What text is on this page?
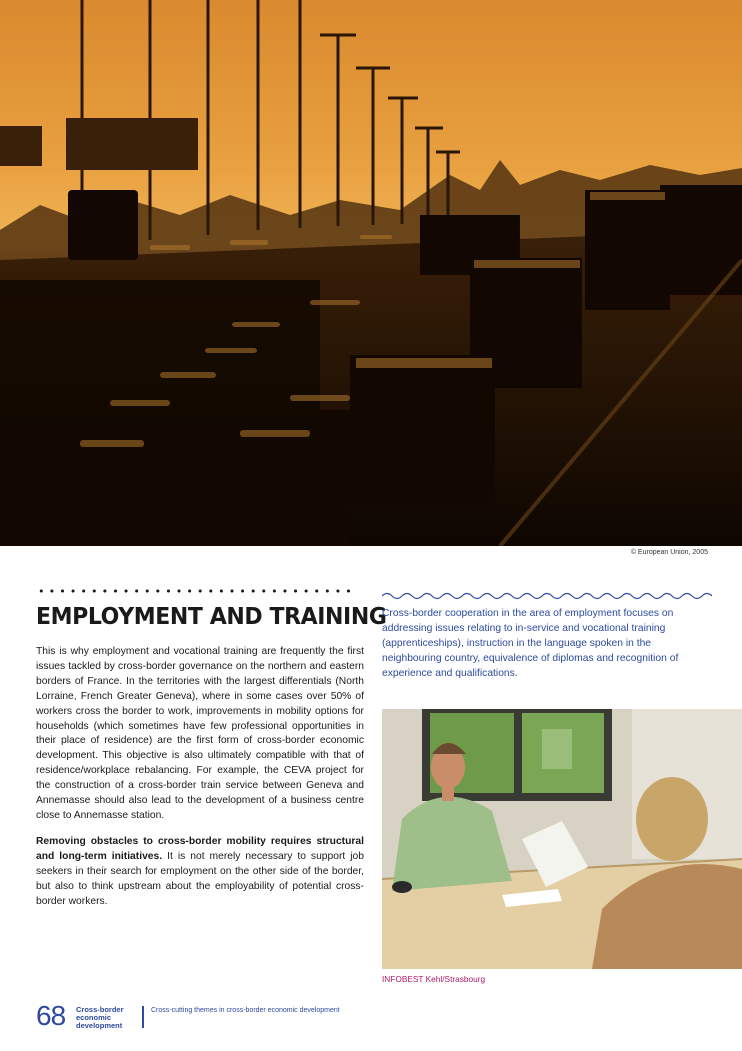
© European Union, 2005
EMPLOYMENT AND TRAINING

This is why employment and vocational training are frequently the first issues tackled by cross-border governance on the northern and eastern borders of France. In the territories with the largest differentials (North Lorraine, French Greater Geneva), where in some cases over 50% of workers cross the border to work, improvements in mobility options for households (which sometimes have few professional opportunities in their place of residence) are the first form of cross-border economic development. This objective is also ultimately compatible with that of residence/workplace rebalancing. For example, the CEVA project for the construction of a cross-border train service between Geneva and Annemasse should also lead to the development of a business centre close to Annemasse station.

Removing obstacles to cross-border mobility requires structural and long-term initiatives. It is not merely necessary to support job seekers in their search for employment on the other side of the border, but also to think upstream about the employability of potential cross-border workers.

Cross-border cooperation in the area of employment focuses on addressing issues relating to in-service and vocational training (apprenticeships), instruction in the language spoken in the neighbouring country, equivalence of diplomas and recognition of experience and qualifications.

INFOBEST Kehl/Strasbourg
68 Cross-border
economic
development
Cross-cutting themes in cross-border economic development
